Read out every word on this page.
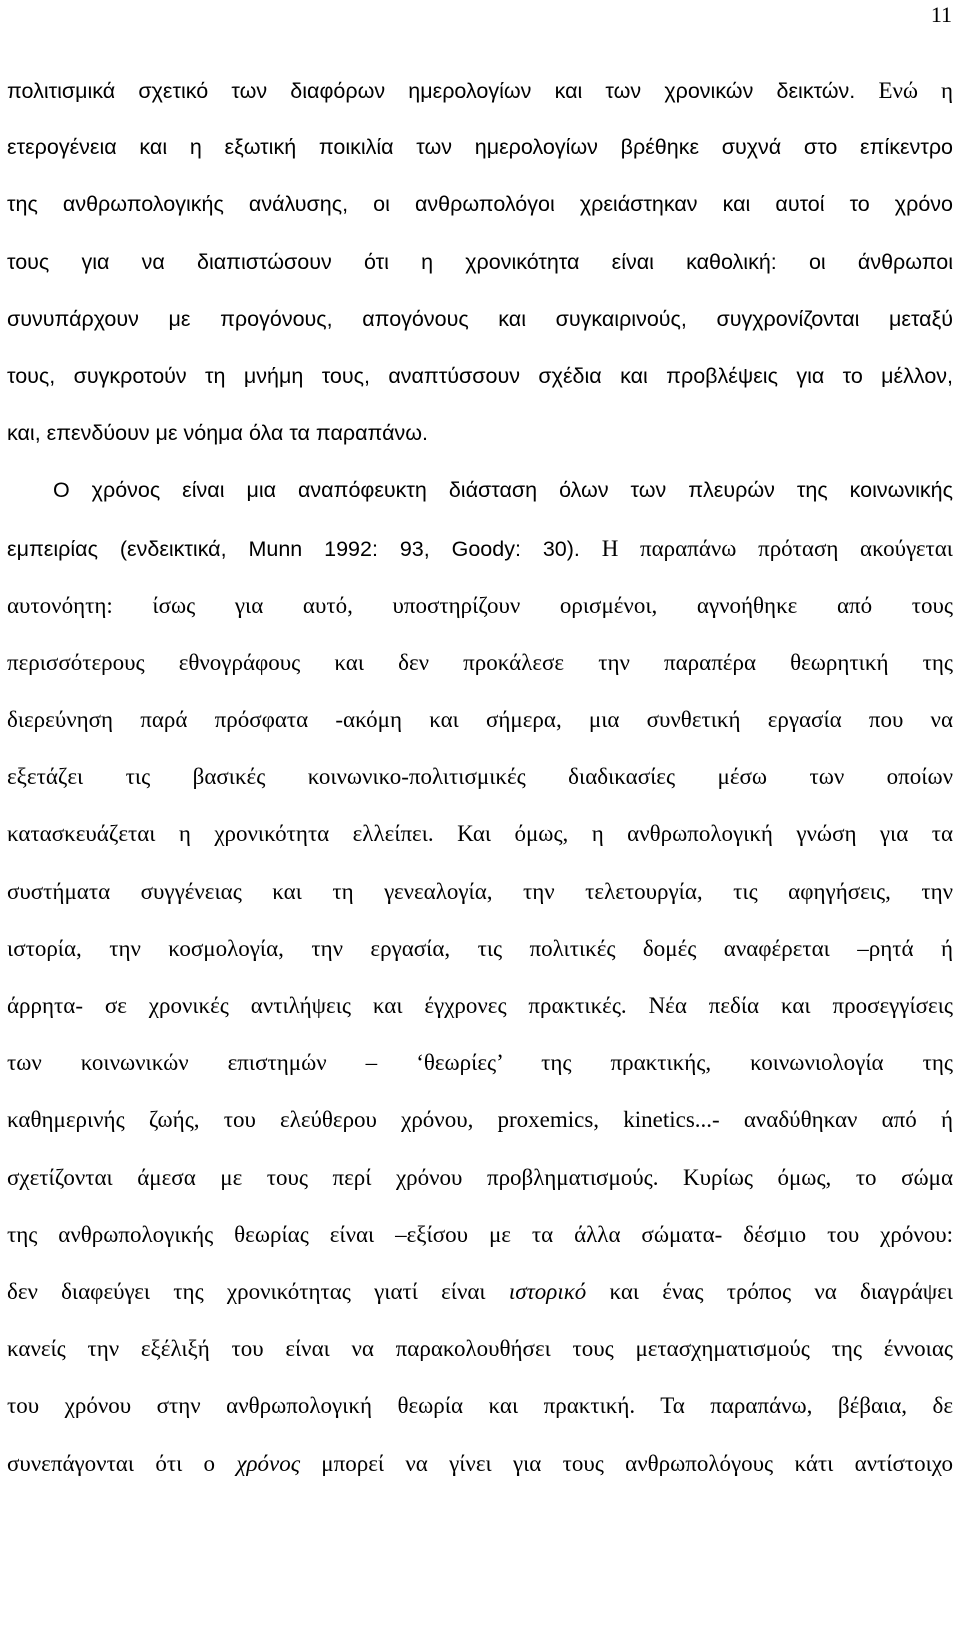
11
πολιτισμικά σχετικό των διαφόρων ημερολογίων και των χρονικών δεικτών. Ενώ η
ετερογένεια και η εξωτική ποικιλία των ημερολογίων βρέθηκε συχνά στο επίκεντρο
της ανθρωπολογικής ανάλυσης, οι ανθρωπολόγοι χρειάστηκαν και αυτοί το χρόνο
τους για να διαπιστώσουν ότι η χρονικότητα είναι καθολική: οι άνθρωποι
συνυπάρχουν με προγόνους, απογόνους και συγκαιρινούς, συγχρονίζονται μεταξύ
τους, συγκροτούν τη μνήμη τους, αναπτύσσουν σχέδια και προβλέψεις για το μέλλον,
και, επενδύουν με νόημα όλα τα παραπάνω.
Ο χρόνος είναι μια αναπόφευκτη διάσταση όλων των πλευρών της κοινωνικής
εμπειρίας (ενδεικτικά, Munn 1992: 93, Goody: 30). Η παραπάνω πρόταση ακούγεται
αυτονόητη: ίσως για αυτό, υποστηρίζουν ορισμένοι, αγνοήθηκε από τους
περισσότερους εθνογράφους και δεν προκάλεσε την παραπέρα θεωρητική της
διερεύνηση παρά πρόσφατα -ακόμη και σήμερα, μια συνθετική εργασία που να
εξετάζει τις βασικές κοινωνικο-πολιτισμικές διαδικασίες μέσω των οποίων
κατασκευάζεται η χρονικότητα ελλείπει. Και όμως, η ανθρωπολογική γνώση για τα
συστήματα συγγένειας και τη γενεαλογία, την τελετουργία, τις αφηγήσεις, την
ιστορία, την κοσμολογία, την εργασία, τις πολιτικές δομές αναφέρεται –ρητά ή
άρρητα- σε χρονικές αντιλήψεις και έγχρονες πρακτικές. Νέα πεδία και προσεγγίσεις
των κοινωνικών επιστημών – ‘θεωρίες’ της πρακτικής, κοινωνιολογία της
καθημερινής ζωής, του ελεύθερου χρόνου, proxemics, kinetics...- αναδύθηκαν από ή
σχετίζονται άμεσα με τους περί χρόνου προβληματισμούς. Κυρίως όμως, το σώμα
της ανθρωπολογικής θεωρίας είναι –εξίσου με τα άλλα σώματα- δέσμιο του χρόνου:
δεν διαφεύγει της χρονικότητας γιατί είναι ιστορικό και ένας τρόπος να διαγράψει
κανείς την εξέλιξή του είναι να παρακολουθήσει τους μετασχηματισμούς της έννοιας
του χρόνου στην ανθρωπολογική θεωρία και πρακτική. Τα παραπάνω, βέβαια, δε
συνεπάγονται ότι ο χρόνος μπορεί να γίνει για τους ανθρωπολόγους κάτι αντίστοιχο
